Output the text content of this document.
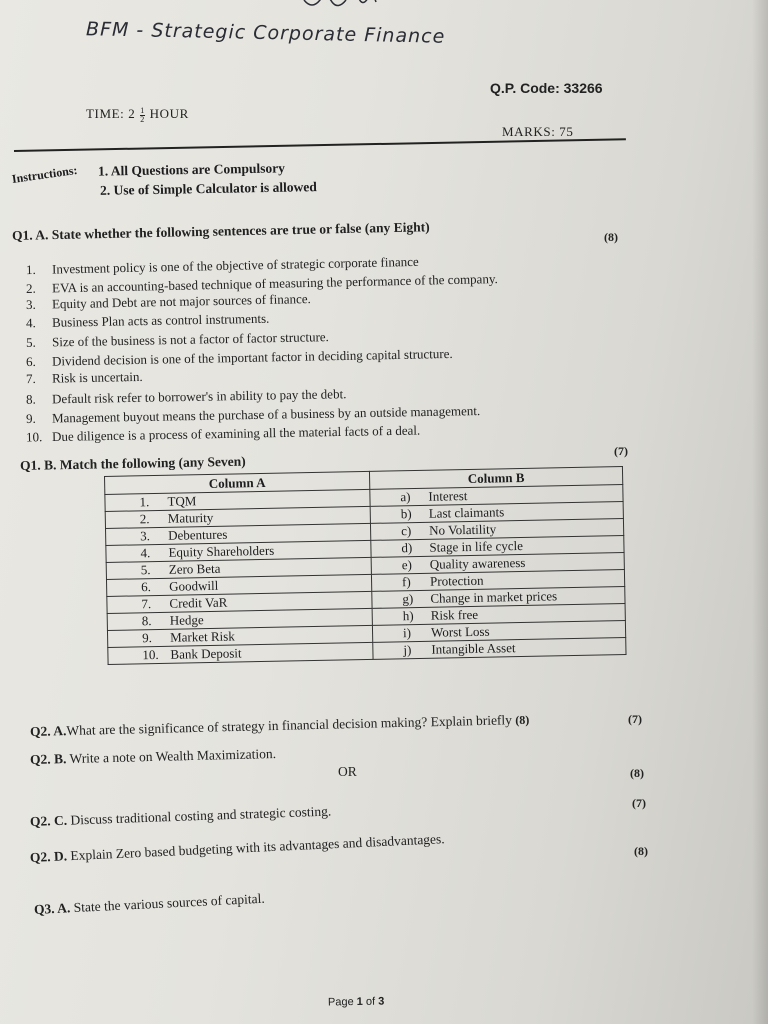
BFM - Strategic Corporate Finance
Q.P. Code: 33266
TIME: $2 \frac{1}{2}$ HOUR
MARKS: 75
Instructions: 1. All Questions are Compulsory
2. Use of Simple Calculator is allowed
Q1. A. State whether the following sentences are true or false (any Eight)	(8)
1. Investment policy is one of the objective of strategic corporate finance
2. EVA is an accounting-based technique of measuring the performance of the company.
3. Equity and Debt are not major sources of finance.
4. Business Plan acts as control instruments.
5. Size of the business is not a factor of factor structure.
6. Dividend decision is one of the important factor in deciding capital structure.
7. Risk is uncertain.
8. Default risk refer to borrower's in ability to pay the debt.
9. Management buyout means the purchase of a business by an outside management.
10. Due diligence is a process of examining all the material facts of a deal.
(7)
Q1. B. Match the following (any Seven)
Column A	Column B
1. TQM	a) Interest
2. Maturity	b) Last claimants
3. Debentures	c) No Volatility
4. Equity Shareholders	d) Stage in life cycle
5. Zero Beta	e) Quality awareness
6. Goodwill	f) Protection
7. Credit VaR	g) Change in market prices
8. Hedge	h) Risk free
9. Market Risk	i) Worst Loss
10. Bank Deposit	j) Intangible Asset
Q2. A.What are the significance of strategy in financial decision making? Explain briefly (8)	(7)
Q2. B. Write a note on Wealth Maximization.
OR	(8)
Q2. C. Discuss traditional costing and strategic costing.
(7)
Q2. D. Explain Zero based budgeting with its advantages and disadvantages.	(8)
Q3. A. State the various sources of capital.
Page 1 of 3
